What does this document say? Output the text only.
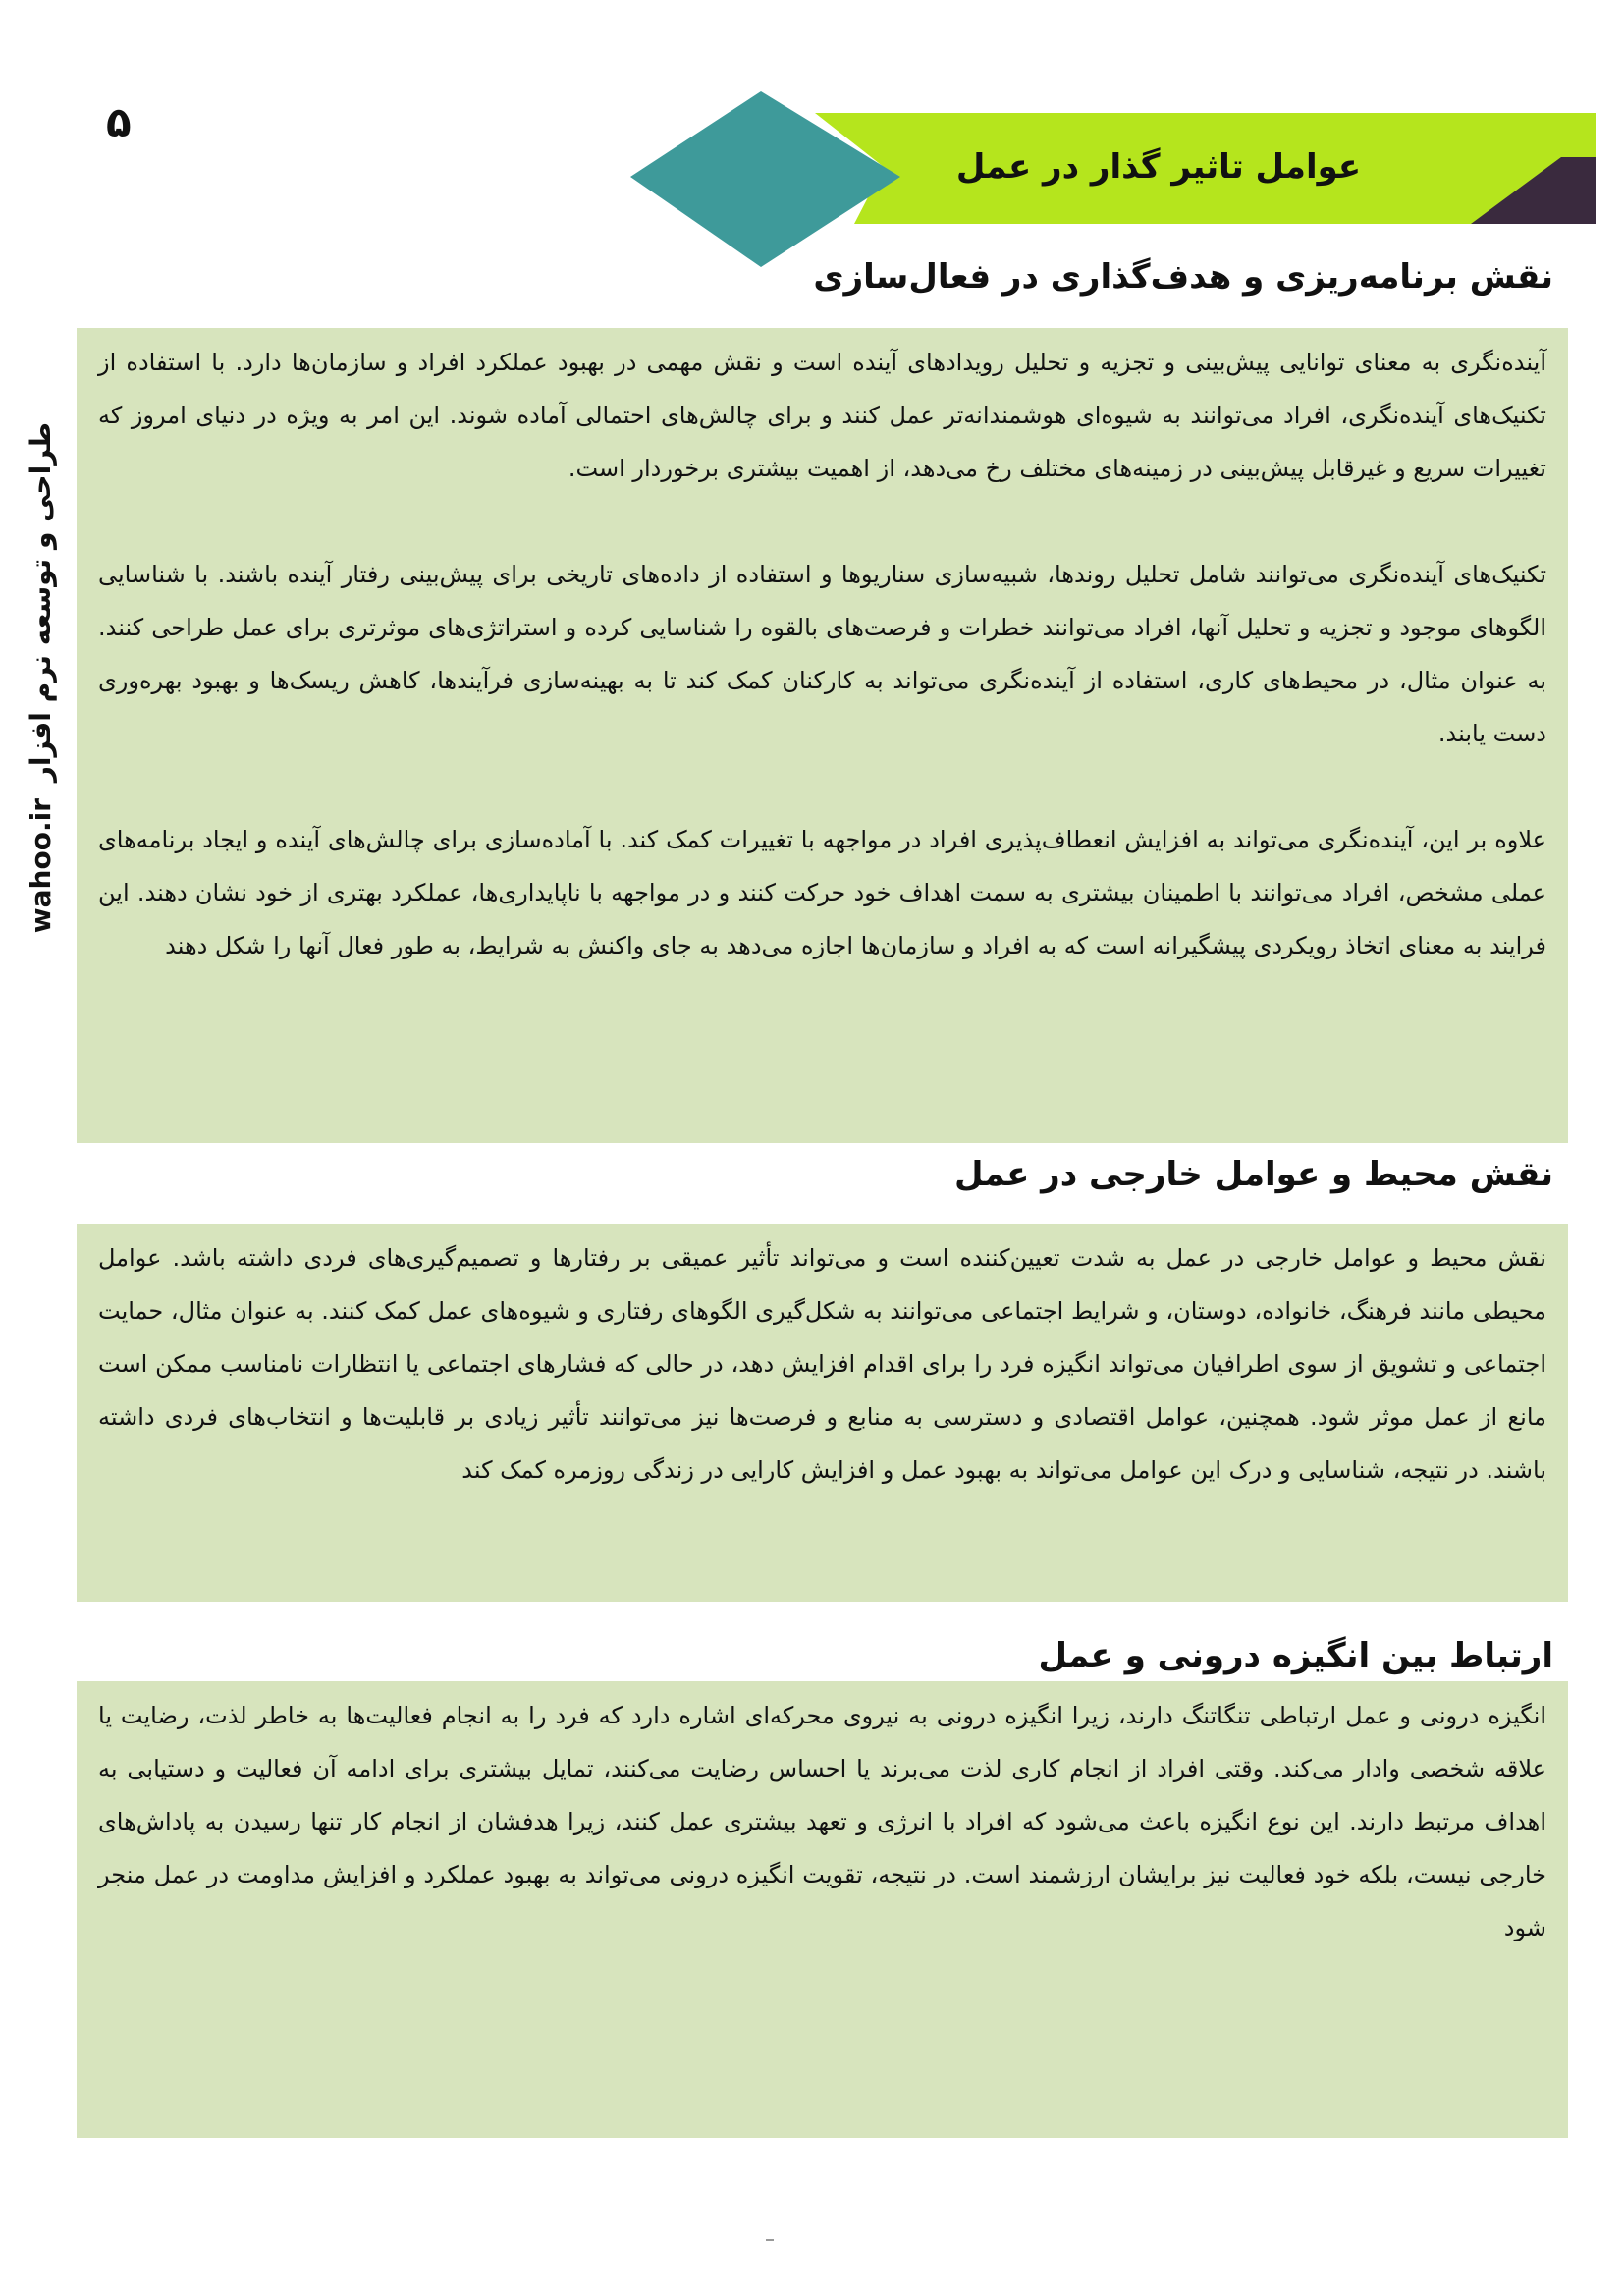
۵
عوامل تاثیر گذار در عمل
طراحی و توسعه نرم افزار
wahoo.ir
نقش برنامه‌ریزی و هدف‌گذاری در فعال‌سازی

آینده‌نگری به معنای توانایی پیش‌بینی و تجزیه و تحلیل رویدادهای آینده است و نقش مهمی در بهبود عملکرد افراد و سازمان‌ها دارد. با استفاده از تکنیک‌های آینده‌نگری، افراد می‌توانند به شیوه‌ای هوشمندانه‌تر عمل کنند و برای چالش‌های احتمالی آماده شوند. این امر به ویژه در دنیای امروز که تغییرات سریع و غیرقابل پیش‌بینی در زمینه‌های مختلف رخ می‌دهد، از اهمیت بیشتری برخوردار است.

تکنیک‌های آینده‌نگری می‌توانند شامل تحلیل روندها، شبیه‌سازی سناریوها و استفاده از داده‌های تاریخی برای پیش‌بینی رفتار آینده باشند. با شناسایی الگوهای موجود و تجزیه و تحلیل آنها، افراد می‌توانند خطرات و فرصت‌های بالقوه را شناسایی کرده و استراتژی‌های موثرتری برای عمل طراحی کنند. به عنوان مثال، در محیط‌های کاری، استفاده از آینده‌نگری می‌تواند به کارکنان کمک کند تا به بهینه‌سازی فرآیندها، کاهش ریسک‌ها و بهبود بهره‌وری دست یابند.

علاوه بر این، آینده‌نگری می‌تواند به افزایش انعطاف‌پذیری افراد در مواجهه با تغییرات کمک کند. با آماده‌سازی برای چالش‌های آینده و ایجاد برنامه‌های عملی مشخص، افراد می‌توانند با اطمینان بیشتری به سمت اهداف خود حرکت کنند و در مواجهه با ناپایداری‌ها، عملکرد بهتری از خود نشان دهند. این فرایند به معنای اتخاذ رویکردی پیشگیرانه است که به افراد و سازمان‌ها اجازه می‌دهد به جای واکنش به شرایط، به طور فعال آنها را شکل دهند

نقش محیط و عوامل خارجی در عمل

نقش محیط و عوامل خارجی در عمل به شدت تعیین‌کننده است و می‌تواند تأثیر عمیقی بر رفتارها و تصمیم‌گیری‌های فردی داشته باشد. عوامل محیطی مانند فرهنگ، خانواده، دوستان، و شرایط اجتماعی می‌توانند به شکل‌گیری الگوهای رفتاری و شیوه‌های عمل کمک کنند. به عنوان مثال، حمایت اجتماعی و تشویق از سوی اطرافیان می‌تواند انگیزه فرد را برای اقدام افزایش دهد، در حالی که فشارهای اجتماعی یا انتظارات نامناسب ممکن است مانع از عمل موثر شود. همچنین، عوامل اقتصادی و دسترسی به منابع و فرصت‌ها نیز می‌توانند تأثیر زیادی بر قابلیت‌ها و انتخاب‌های فردی داشته باشند. در نتیجه، شناسایی و درک این عوامل می‌تواند به بهبود عمل و افزایش کارایی در زندگی روزمره کمک کند

ارتباط بین انگیزه درونی و عمل

انگیزه درونی و عمل ارتباطی تنگاتنگ دارند، زیرا انگیزه درونی به نیروی محرکه‌ای اشاره دارد که فرد را به انجام فعالیت‌ها به خاطر لذت، رضایت یا علاقه شخصی وادار می‌کند. وقتی افراد از انجام کاری لذت می‌برند یا احساس رضایت می‌کنند، تمایل بیشتری برای ادامه آن فعالیت و دستیابی به اهداف مرتبط دارند. این نوع انگیزه باعث می‌شود که افراد با انرژی و تعهد بیشتری عمل کنند، زیرا هدفشان از انجام کار تنها رسیدن به پاداش‌های خارجی نیست، بلکه خود فعالیت نیز برایشان ارزشمند است. در نتیجه، تقویت انگیزه درونی می‌تواند به بهبود عملکرد و افزایش مداومت در عمل منجر شود
